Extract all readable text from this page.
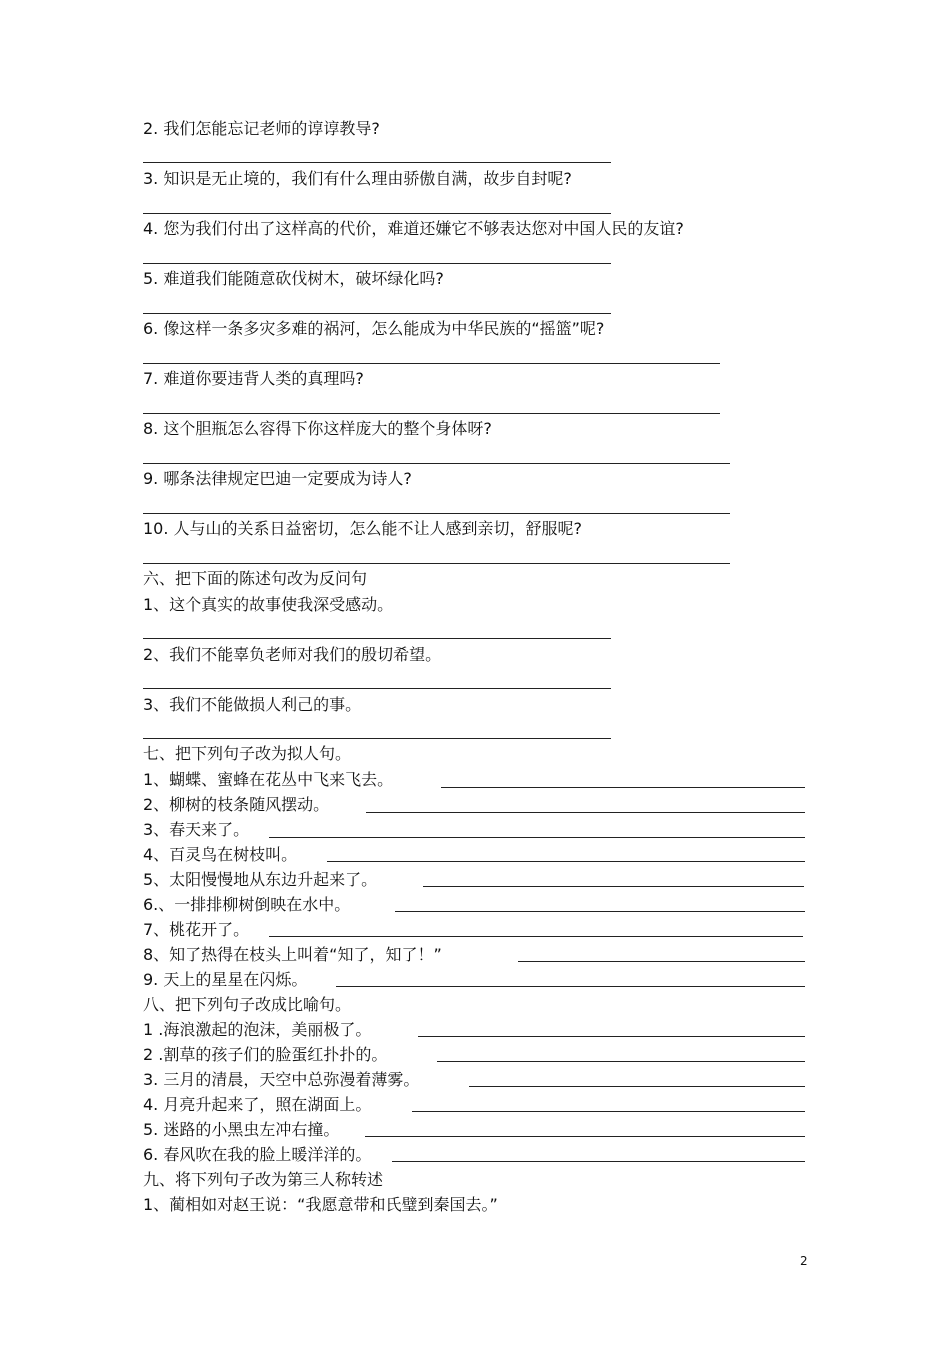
2. 我们怎能忘记老师的谆谆教导?
3. 知识是无止境的，我们有什么理由骄傲自满，故步自封呢?
4. 您为我们付出了这样高的代价，难道还嫌它不够表达您对中国人民的友谊?
5. 难道我们能随意砍伐树木，破坏绿化吗?
6. 像这样一条多灾多难的祸河，怎么能成为中华民族的“摇篮”呢?
7. 难道你要违背人类的真理吗?
8. 这个胆瓶怎么容得下你这样庞大的整个身体呀?
9. 哪条法律规定巴迪一定要成为诗人?
10. 人与山的关系日益密切，怎么能不让人感到亲切，舒服呢?
六、把下面的陈述句改为反问句
1、这个真实的故事使我深受感动。
2、我们不能辜负老师对我们的殷切希望。
3、我们不能做损人利己的事。
七、把下列句子改为拟人句。
1、蝴蝶、蜜蜂在花丛中飞来飞去。
2、柳树的枝条随风摆动。
3、春天来了。
4、百灵鸟在树枝叫。
5、太阳慢慢地从东边升起来了。
6.、一排排柳树倒映在水中。
7、桃花开了。
8、知了热得在枝头上叫着“知了，知了！”
9. 天上的星星在闪烁。
八、把下列句子改成比喻句。
1 .海浪激起的泡沫，美丽极了。
2 .割草的孩子们的脸蛋红扑扑的。
3. 三月的清晨，天空中总弥漫着薄雾。
4. 月亮升起来了，照在湖面上。
5. 迷路的小黑虫左冲右撞。
6. 春风吹在我的脸上暖洋洋的。
九、将下列句子改为第三人称转述
1、蔺相如对赵王说：“我愿意带和氏璧到秦国去。”
2
